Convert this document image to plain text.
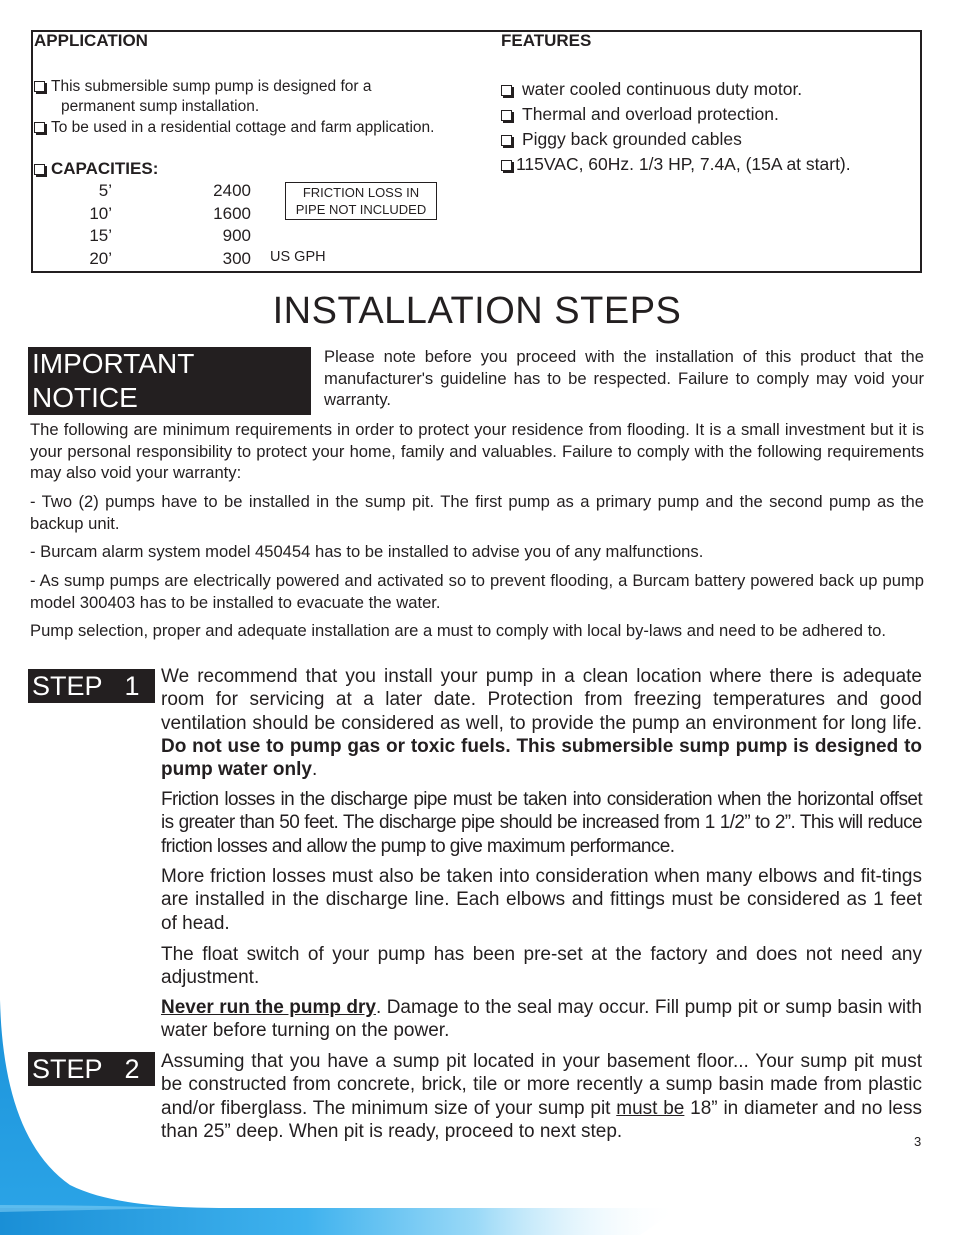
APPLICATION
This submersible sump pump is designed for a
permanent sump installation.
To be used in a residential cottage and farm application.
CAPACITIES:
5’	2400
10’	1600
15’	900
20’	300
FRICTION LOSS IN
PIPE NOT INCLUDED
US GPH
FEATURES
water cooled continuous duty motor.
Thermal and overload protection.
Piggy back grounded cables
115VAC, 60Hz. 1/3 HP, 7.4A, (15A at start).
INSTALLATION STEPS
IMPORTANT NOTICE
Please note before you proceed with the installation of this product that the manufacturer's guideline has to be respected. Failure to comply may void your warranty.
The following are minimum requirements in order to protect your residence from flooding. It is a small investment but it is your personal responsibility to protect your home, family and valuables. Failure to comply with the following requirements may also void your warranty:
- Two (2) pumps have to be installed in the sump pit. The first pump as a primary pump and the second pump as the backup unit.
- Burcam alarm system model 450454 has to be installed to advise you of any malfunctions.
- As sump pumps are electrically powered and activated so to prevent flooding, a Burcam battery powered back up pump model 300403 has to be installed to evacuate the water.
Pump selection, proper and adequate installation are a must to comply with local by-laws and need to be adhered to.
STEP   1	We recommend that you install your pump in a clean location where there is adequate room for servicing at a later date. Protection from freezing temperatures and good ventilation should be considered as well, to provide the pump an environment for long life. Do not use to pump gas or toxic fuels. This submersible sump pump is designed to pump water only.
Friction losses in the discharge pipe must be taken into consideration when the horizontal offset is greater than 50 feet. The discharge pipe should be increased from 1 1/2” to 2”. This will reduce friction losses and allow the pump to give maximum performance.
More friction losses must also be taken into consideration when many elbows and fit-tings are installed in the discharge line. Each elbows and fittings must be considered as 1 feet of head.
The float switch of your pump has been pre-set at the factory and does not need any adjustment.
Never run the pump dry. Damage to the seal may occur. Fill pump pit or sump basin with water before turning on the power.
STEP   2	Assuming that you have a sump pit located in your basement floor... Your sump pit must be constructed from concrete, brick, tile or more recently a sump basin made from plastic and/or fiberglass. The minimum size of your sump pit must be 18” in diameter and no less than 25” deep. When pit is ready, proceed to next step.	3
